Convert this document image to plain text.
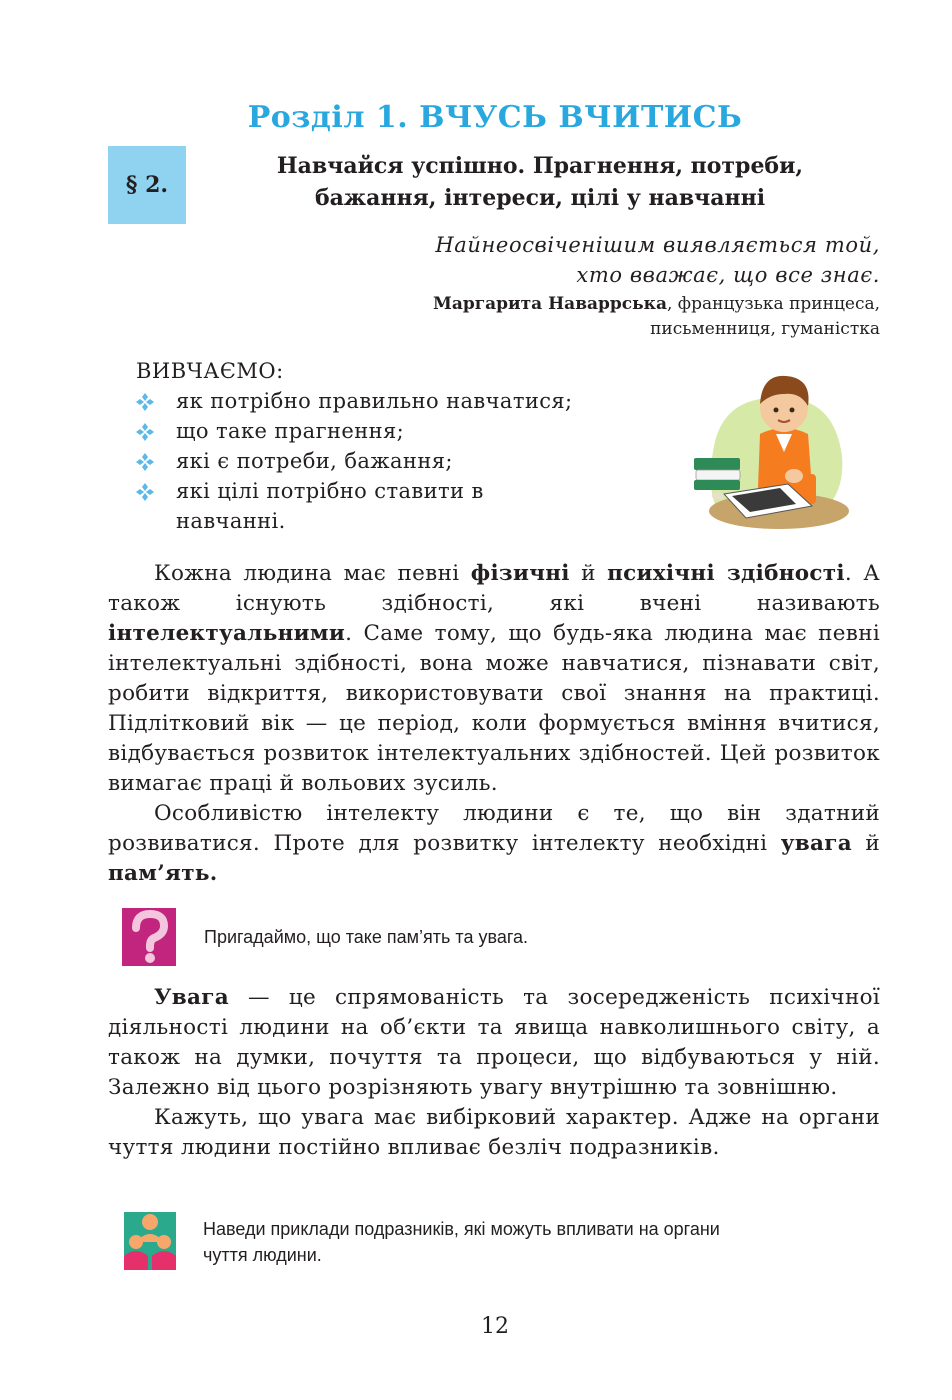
Розділ 1. ВЧУСЬ ВЧИТИСЬ
§ 2.
Навчайся успішно. Прагнення, потреби,
бажання, інтереси, цілі у навчанні
Найнеосвіченішим виявляється той,
хто вважає, що все знає.
Маргарита Наваррська, французька принцеса,
письменниця, гуманістка
ВИВЧАЄМО:
як потрібно правильно навчатися;
що таке прагнення;
які є потреби, бажання;
які цілі потрібно ставити в навчанні.

Кожна людина має певні фізичні й психічні здібності. А також існують здібності, які вчені називають інтелектуальними. Саме тому, що будь-яка людина має певні інтелектуальні здібності, вона може навчатися, пізнавати світ, робити відкриття, використовувати свої знання на практиці. Підлітковий вік — це період, коли формується вміння вчитися, відбувається розвиток інтелектуальних здібностей. Цей розвиток вимагає праці й вольових зусиль.

Особливістю інтелекту людини є те, що він здатний розвиватися. Проте для розвитку інтелекту необхідні увага й пам’ять.

Пригадаймо, що таке пам’ять та увага.

Увага — це спрямованість та зосередженість психічної діяльності людини на об’єкти та явища навколишнього світу, а також на думки, почуття та процеси, що відбуваються у ній. Залежно від цього розрізняють увагу внутрішню та зовнішню.

Кажуть, що увага має вибірковий характер. Адже на органи чуття людини постійно впливає безліч подразників.

Наведи приклади подразників, які можуть впливати на органи
чуття людини.
12
